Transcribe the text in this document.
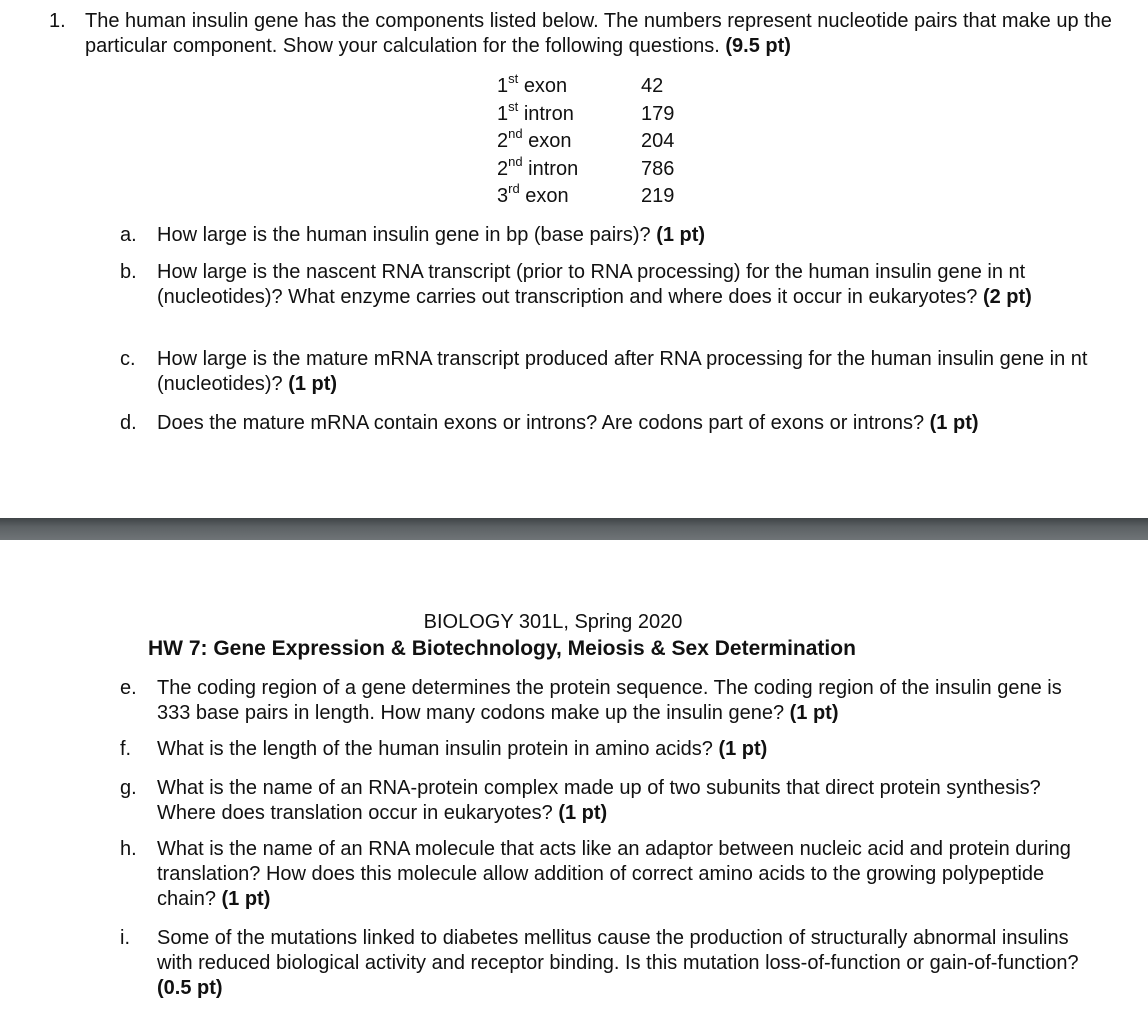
1. The human insulin gene has the components listed below. The numbers represent nucleotide pairs that make up the particular component. Show your calculation for the following questions. (9.5 pt)

1st exon	42
1st intron	179
2nd exon	204
2nd intron	786
3rd exon	219
a.	How large is the human insulin gene in bp (base pairs)? (1 pt)
b.	How large is the nascent RNA transcript (prior to RNA processing) for the human insulin gene in nt (nucleotides)? What enzyme carries out transcription and where does it occur in eukaryotes? (2 pt)
c.	How large is the mature mRNA transcript produced after RNA processing for the human insulin gene in nt (nucleotides)? (1 pt)
d.	Does the mature mRNA contain exons or introns? Are codons part of exons or introns? (1 pt)
BIOLOGY 301L, Spring 2020
HW 7: Gene Expression & Biotechnology, Meiosis & Sex Determination
e.	The coding region of a gene determines the protein sequence. The coding region of the insulin gene is 333 base pairs in length. How many codons make up the insulin gene? (1 pt)
f.	What is the length of the human insulin protein in amino acids? (1 pt)
g.	What is the name of an RNA-protein complex made up of two subunits that direct protein synthesis? Where does translation occur in eukaryotes? (1 pt)
h.	What is the name of an RNA molecule that acts like an adaptor between nucleic acid and protein during translation? How does this molecule allow addition of correct amino acids to the growing polypeptide chain? (1 pt)
i.	Some of the mutations linked to diabetes mellitus cause the production of structurally abnormal insulins with reduced biological activity and receptor binding. Is this mutation loss-of-function or gain-of-function? (0.5 pt)
